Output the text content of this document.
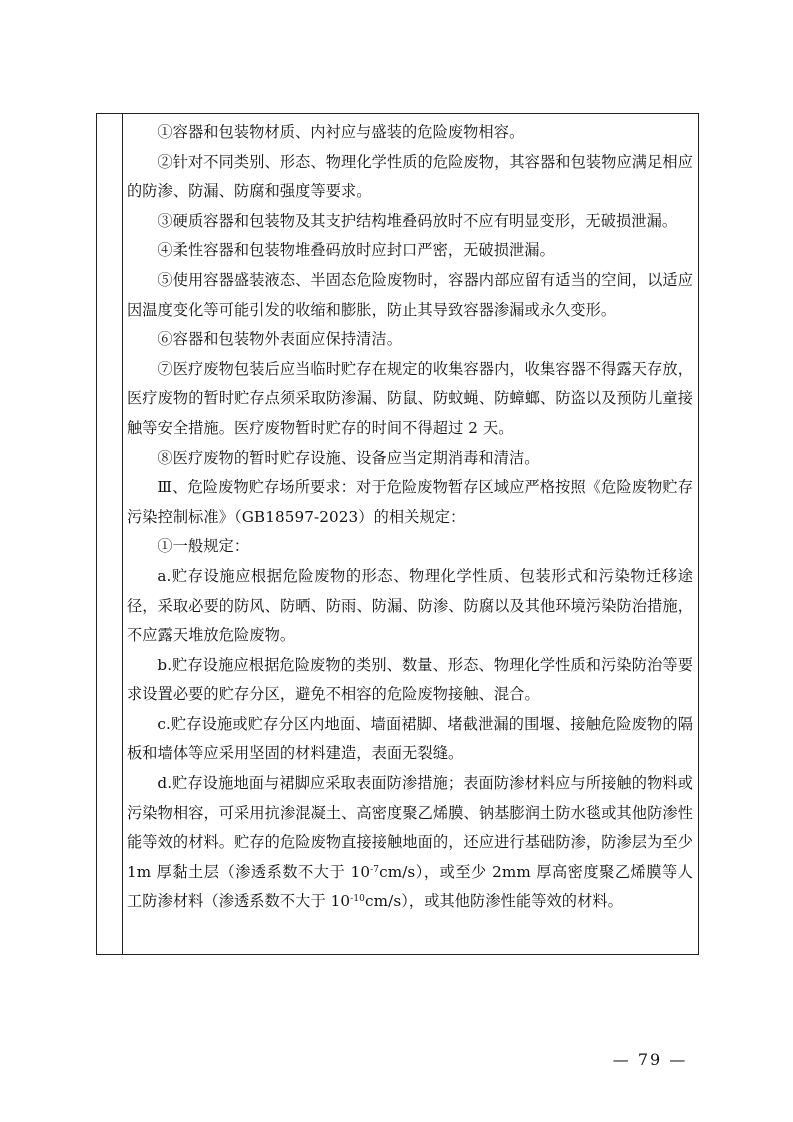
①容器和包装物材质、内衬应与盛装的危险废物相容。

②针对不同类别、形态、物理化学性质的危险废物，其容器和包装物应满足相应的防渗、防漏、防腐和强度等要求。

③硬质容器和包装物及其支护结构堆叠码放时不应有明显变形，无破损泄漏。

④柔性容器和包装物堆叠码放时应封口严密，无破损泄漏。

⑤使用容器盛装液态、半固态危险废物时，容器内部应留有适当的空间，以适应因温度变化等可能引发的收缩和膨胀，防止其导致容器渗漏或永久变形。

⑥容器和包装物外表面应保持清洁。

⑦医疗废物包装后应当临时贮存在规定的收集容器内，收集容器不得露天存放，医疗废物的暂时贮存点须采取防渗漏、防鼠、防蚊蝇、防蟑螂、防盗以及预防儿童接触等安全措施。医疗废物暂时贮存的时间不得超过 2 天。

⑧医疗废物的暂时贮存设施、设备应当定期消毒和清洁。

Ⅲ、危险废物贮存场所要求：对于危险废物暂存区域应严格按照《危险废物贮存污染控制标准》（GB18597-2023）的相关规定：

①一般规定：

a.贮存设施应根据危险废物的形态、物理化学性质、包装形式和污染物迁移途径，采取必要的防风、防晒、防雨、防漏、防渗、防腐以及其他环境污染防治措施，不应露天堆放危险废物。

b.贮存设施应根据危险废物的类别、数量、形态、物理化学性质和污染防治等要求设置必要的贮存分区，避免不相容的危险废物接触、混合。

c.贮存设施或贮存分区内地面、墙面裙脚、堵截泄漏的围堰、接触危险废物的隔板和墙体等应采用坚固的材料建造，表面无裂缝。

d.贮存设施地面与裙脚应采取表面防渗措施；表面防渗材料应与所接触的物料或污染物相容，可采用抗渗混凝土、高密度聚乙烯膜、钠基膨润土防水毯或其他防渗性能等效的材料。贮存的危险废物直接接触地面的，还应进行基础防渗，防渗层为至少 1m 厚黏土层（渗透系数不大于 $10^{-7}cm/s$），或至少 2mm 厚高密度聚乙烯膜等人工防渗材料（渗透系数不大于 $10^{-10}cm/s$），或其他防渗性能等效的材料。

— 79 —
